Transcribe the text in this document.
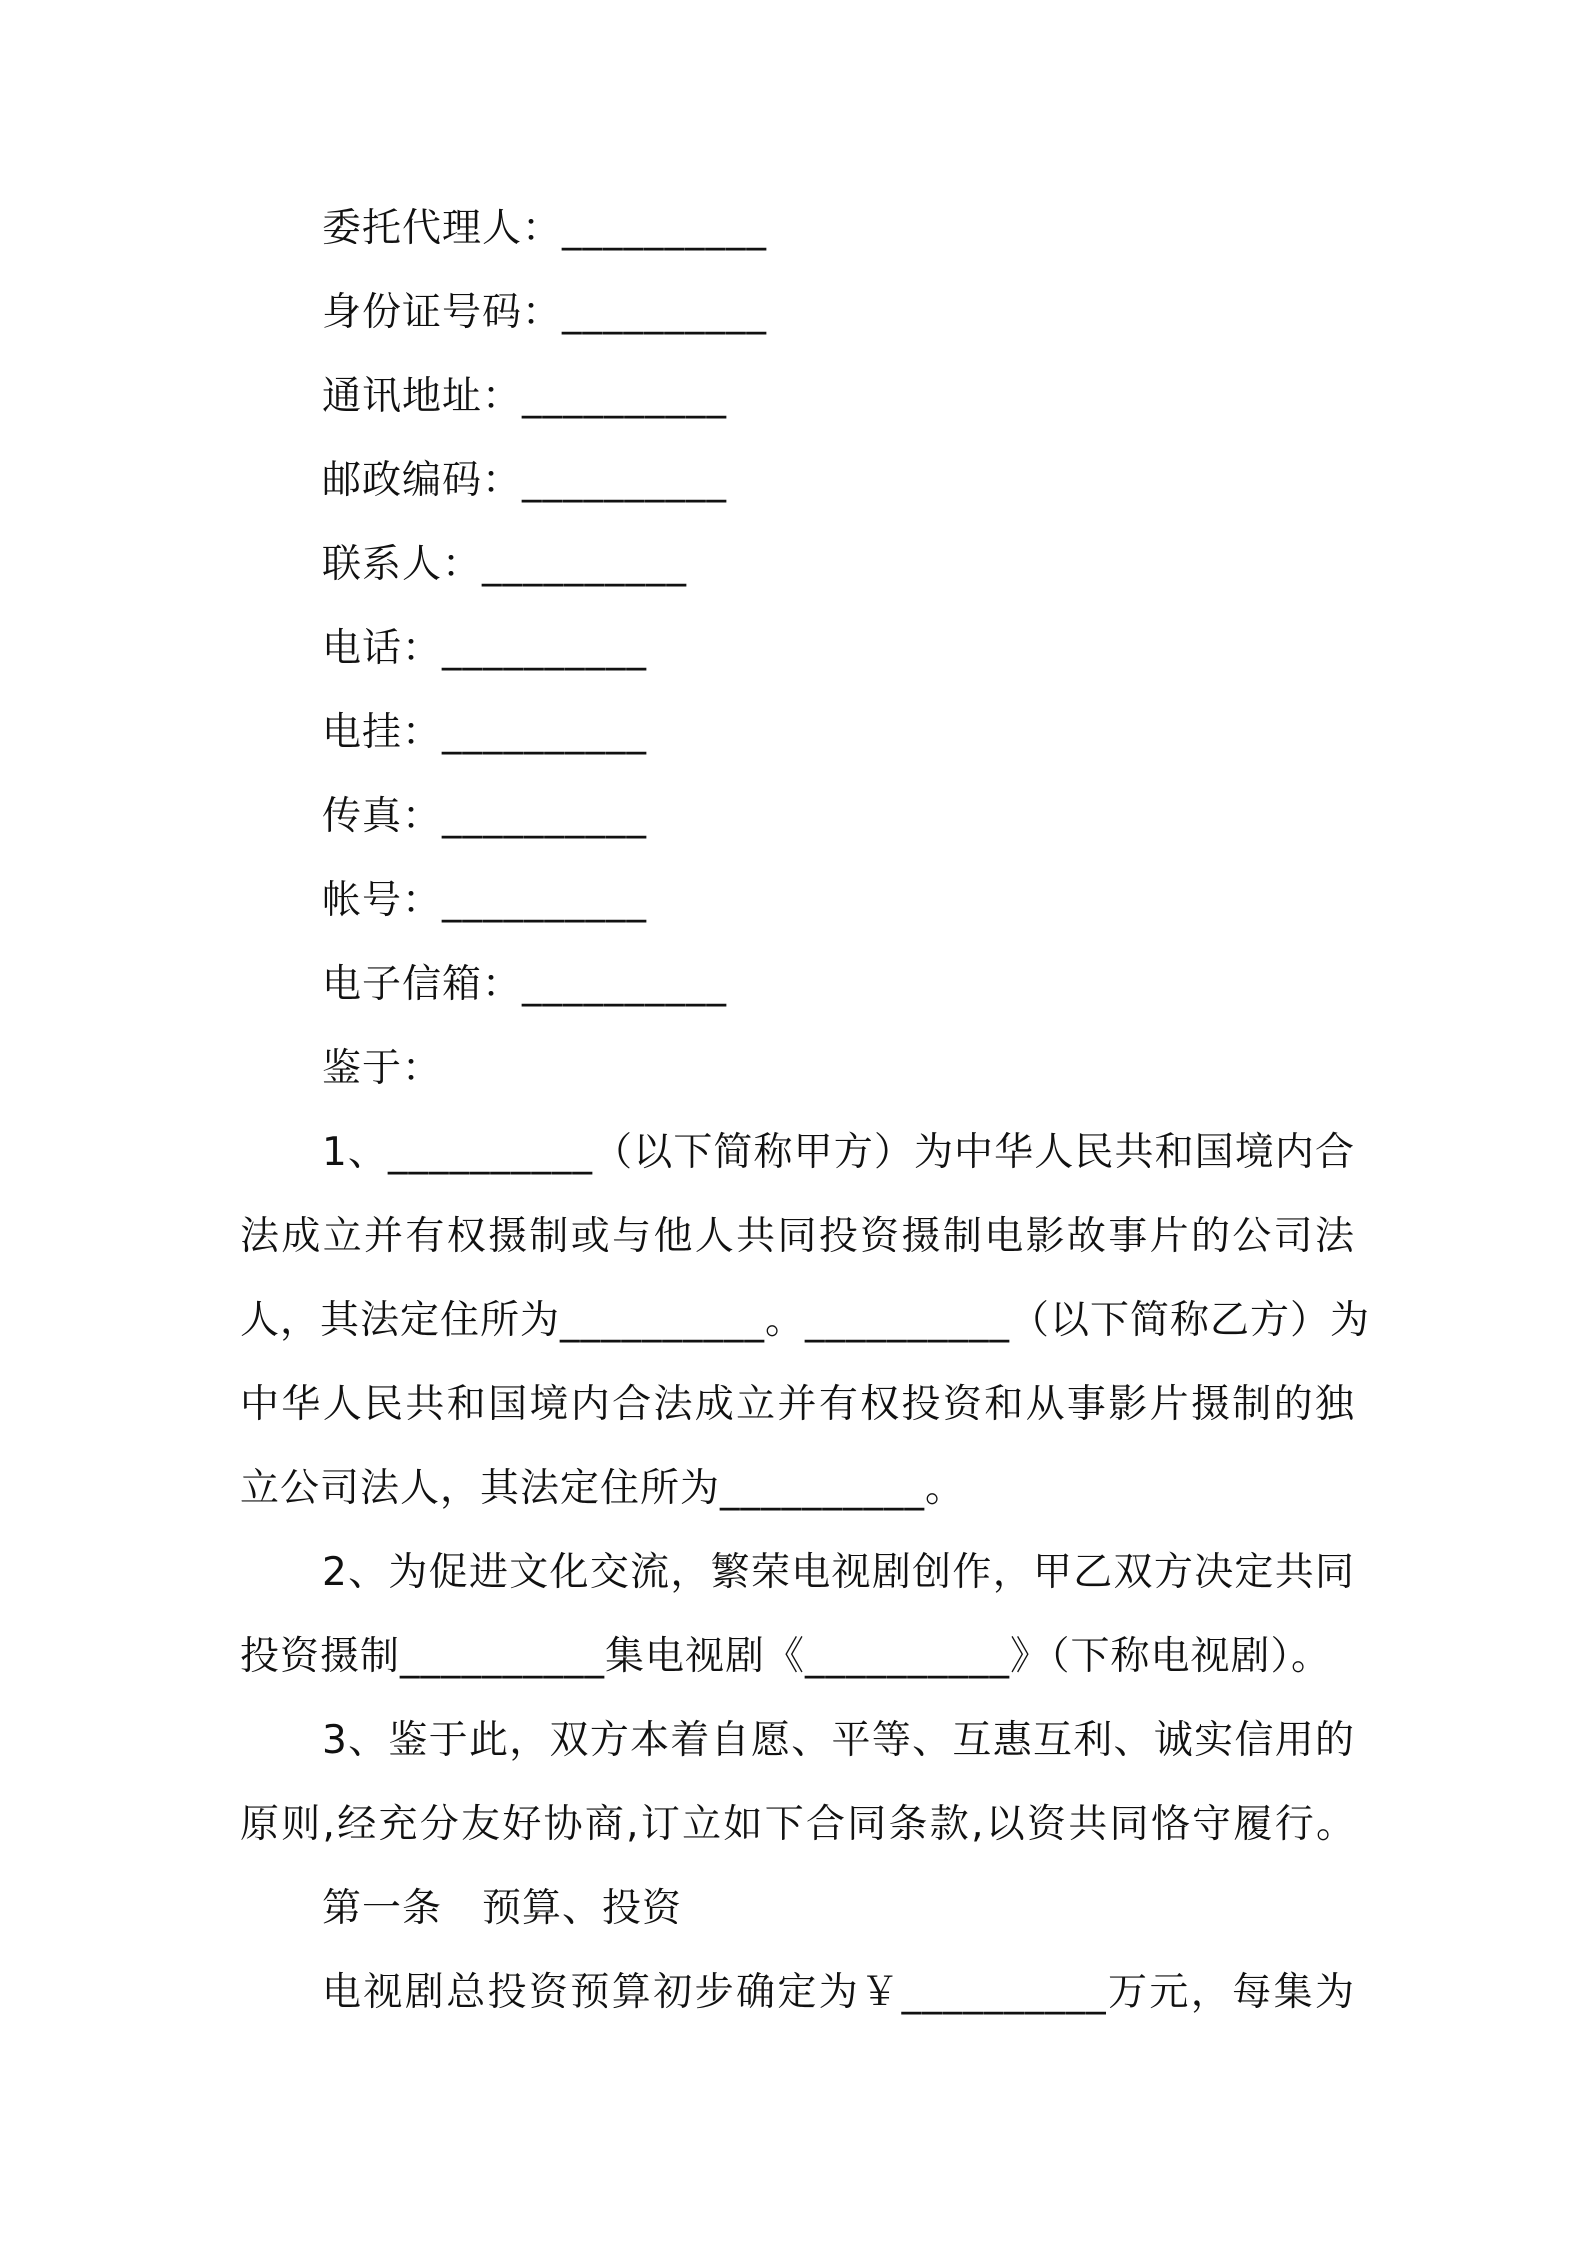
委托代理人：__________
身份证号码：__________
通讯地址：__________
邮政编码：__________
联系人：__________
电话：__________
电挂：__________
传真：__________
帐号：__________
电子信箱：__________
鉴于：
1、__________（以下简称甲方）为中华人民共和国境内合
法成立并有权摄制或与他人共同投资摄制电影故事片的公司法
人，其法定住所为__________。__________（以下简称乙方）为
中华人民共和国境内合法成立并有权投资和从事影片摄制的独
立公司法人，其法定住所为__________。
2、为促进文化交流，繁荣电视剧创作，甲乙双方决定共同
投资摄制__________集电视剧《__________》（下称电视剧）。
3、鉴于此，双方本着自愿、平等、互惠互利、诚实信用的
原则,经充分友好协商,订立如下合同条款,以资共同恪守履行。
第一条　预算、投资
电视剧总投资预算初步确定为￥__________万元，每集为
